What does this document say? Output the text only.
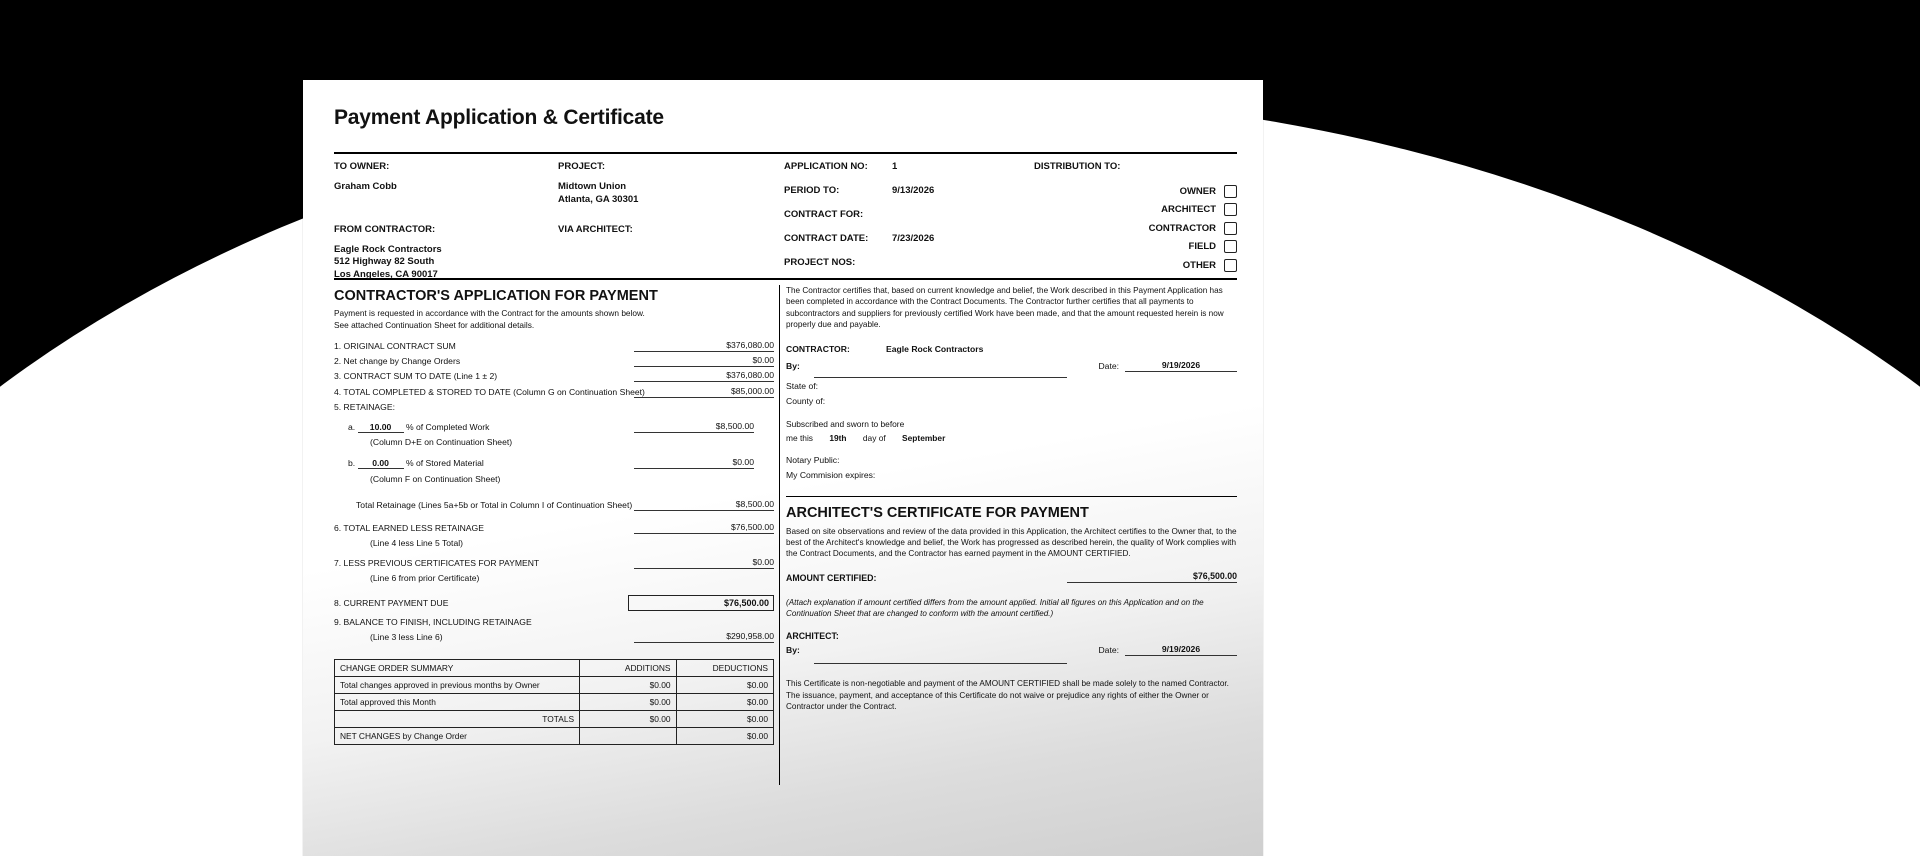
Payment Application & Certificate
TO OWNER:
Graham Cobb
FROM CONTRACTOR:
Eagle Rock Contractors
512 Highway 82 South
Los Angeles, CA 90017
PROJECT:
Midtown Union
Atlanta, GA 30301
VIA ARCHITECT:
APPLICATION NO:	1
PERIOD TO:	9/13/2026
CONTRACT FOR:
CONTRACT DATE: 7/23/2026
PROJECT NOS:
DISTRIBUTION TO:
OWNER
ARCHITECT
CONTRACTOR
FIELD
OTHER
CONTRACTOR'S APPLICATION FOR PAYMENT
Payment is requested in accordance with the Contract for the amounts shown below.
See attached Continuation Sheet for additional details.
1. ORIGINAL CONTRACT SUM	$376,080.00
2. Net change by Change Orders	$0.00
3. CONTRACT SUM TO DATE (Line 1 ± 2)	$376,080.00
4. TOTAL COMPLETED & STORED TO DATE (Column G on Continuation Sheet)	$85,000.00
5. RETAINAGE:
a. 10.00 % of Completed Work	$8,500.00
(Column D+E on Continuation Sheet)
b. 0.00 % of Stored Material	$0.00
(Column F on Continuation Sheet)
Total Retainage (Lines 5a+5b or Total in Column I of Continuation Sheet)	$8,500.00
6. TOTAL EARNED LESS RETAINAGE	$76,500.00
(Line 4 less Line 5 Total)
7. LESS PREVIOUS CERTIFICATES FOR PAYMENT	$0.00
(Line 6 from prior Certificate)
8. CURRENT PAYMENT DUE	$76,500.00
9. BALANCE TO FINISH, INCLUDING RETAINAGE
(Line 3 less Line 6)	$290,958.00
CHANGE ORDER SUMMARY	ADDITIONS	DEDUCTIONS
Total changes approved in previous months by Owner	$0.00	$0.00
Total approved this Month	$0.00	$0.00
TOTALS	$0.00	$0.00
NET CHANGES by Change Order		$0.00
The Contractor certifies that, based on current knowledge and belief, the Work described in this Payment Application has been completed in accordance with the Contract Documents. The Contractor further certifies that all payments to subcontractors and suppliers for previously certified Work have been made, and that the amount requested herein is now properly due and payable.
CONTRACTOR:	Eagle Rock Contractors
By:	Date:	9/19/2026
State of:
County of:
Subscribed and sworn to before
me this 19th day of September
Notary Public:
My Commision expires:
ARCHITECT'S CERTIFICATE FOR PAYMENT
Based on site observations and review of the data provided in this Application, the Architect certifies to the Owner that, to the best of the Architect's knowledge and belief, the Work has progressed as described herein, the quality of Work complies with the Contract Documents, and the Contractor has earned payment in the AMOUNT CERTIFIED.
AMOUNT CERTIFIED:	$76,500.00
(Attach explanation if amount certified differs from the amount applied. Initial all figures on this Application and on the Continuation Sheet that are changed to conform with the amount certified.)
ARCHITECT:
By:	Date:	9/19/2026
This Certificate is non-negotiable and payment of the AMOUNT CERTIFIED shall be made solely to the named Contractor. The issuance, payment, and acceptance of this Certificate do not waive or prejudice any rights of either the Owner or Contractor under the Contract.
